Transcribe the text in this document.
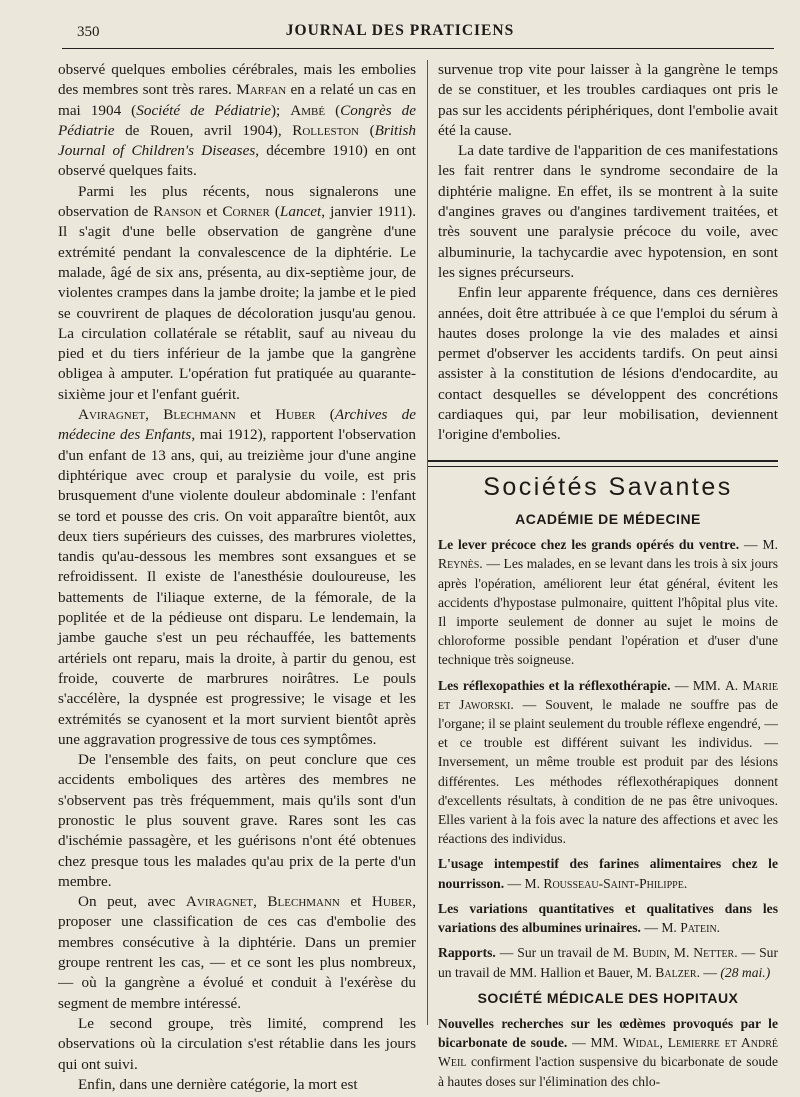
350	JOURNAL DES PRATICIENS

observé quelques embolies cérébrales, mais les embolies des membres sont très rares. Marfan en a relaté un cas en mai 1904 (Société de Pédiatrie); Ambé (Congrès de Pédiatrie de Rouen, avril 1904), Rolleston (British Journal of Children's Diseases, décembre 1910) en ont observé quelques faits.

Parmi les plus récents, nous signalerons une observation de Ranson et Corner (Lancet, janvier 1911). Il s'agit d'une belle observation de gangrène d'une extrémité pendant la convalescence de la diphtérie. Le malade, âgé de six ans, présenta, au dix-septième jour, de violentes crampes dans la jambe droite; la jambe et le pied se couvrirent de plaques de décoloration jusqu'au genou. La circulation collatérale se rétablit, sauf au niveau du pied et du tiers inférieur de la jambe que la gangrène obligea à amputer. L'opération fut pratiquée au quarante-sixième jour et l'enfant guérit.

Aviragnet, Blechmann et Huber (Archives de médecine des Enfants, mai 1912), rapportent l'observation d'un enfant de 13 ans, qui, au treizième jour d'une angine diphtérique avec croup et paralysie du voile, est pris brusquement d'une violente douleur abdominale : l'enfant se tord et pousse des cris. On voit apparaître bientôt, aux deux tiers supérieurs des cuisses, des marbrures violettes, tandis qu'au-dessous les membres sont exsangues et se refroidissent. Il existe de l'anesthésie douloureuse, les battements de l'iliaque externe, de la fémorale, de la poplitée et de la pédieuse ont disparu. Le lendemain, la jambe gauche s'est un peu réchauffée, les battements artériels ont reparu, mais la droite, à partir du genou, est froide, couverte de marbrures noirâtres. Le pouls s'accélère, la dyspnée est progressive; le visage et les extrémités se cyanosent et la mort survient bientôt après une aggravation progressive de tous ces symptômes.

De l'ensemble des faits, on peut conclure que ces accidents emboliques des artères des membres ne s'observent pas très fréquemment, mais qu'ils sont d'un pronostic le plus souvent grave. Rares sont les cas d'ischémie passagère, et les guérisons n'ont été obtenues chez presque tous les malades qu'au prix de la perte d'un membre.

On peut, avec Aviragnet, Blechmann et Huber, proposer une classification de ces cas d'embolie des membres consécutive à la diphtérie. Dans un premier groupe rentrent les cas, — et ce sont les plus nombreux, — où la gangrène a évolué et conduit à l'exérèse du segment de membre intéressé.

Le second groupe, très limité, comprend les observations où la circulation s'est rétablie dans les jours qui ont suivi.

Enfin, dans une dernière catégorie, la mort est

survenue trop vite pour laisser à la gangrène le temps de se constituer, et les troubles cardiaques ont pris le pas sur les accidents périphériques, dont l'embolie avait été la cause.

La date tardive de l'apparition de ces manifestations les fait rentrer dans le syndrome secondaire de la diphtérie maligne. En effet, ils se montrent à la suite d'angines graves ou d'angines tardivement traitées, et très souvent une paralysie précoce du voile, avec albuminurie, la tachycardie avec hypotension, en sont les signes précurseurs.

Enfin leur apparente fréquence, dans ces dernières années, doit être attribuée à ce que l'emploi du sérum à hautes doses prolonge la vie des malades et ainsi permet d'observer les accidents tardifs. On peut ainsi assister à la constitution de lésions d'endocardite, au contact desquelles se développent des concrétions cardiaques qui, par leur mobilisation, deviennent l'origine d'embolies.

Sociétés Savantes
ACADÉMIE DE MÉDECINE

Le lever précoce chez les grands opérés du ventre. — M. Reynès. — Les malades, en se levant dans les trois à six jours après l'opération, améliorent leur état général, évitent les accidents d'hypostase pulmonaire, quittent l'hôpital plus vite. Il importe seulement de donner au sujet le moins de chloroforme possible pendant l'opération et d'user d'une technique très soigneuse.

Les réflexopathies et la réflexothérapie. — MM. A. Marie et Jaworski. — Souvent, le malade ne souffre pas de l'organe; il se plaint seulement du trouble réflexe engendré, — et ce trouble est différent suivant les individus. — Inversement, un même trouble est produit par des lésions différentes. Les méthodes réflexothérapiques donnent d'excellents résultats, à condition de ne pas être univoques. Elles varient à la fois avec la nature des affections et avec les réactions des individus.

L'usage intempestif des farines alimentaires chez le nourrisson. — M. Rousseau-Saint-Philippe.

Les variations quantitatives et qualitatives dans les variations des albumines urinaires. — M. Patein.

Rapports. — Sur un travail de M. Budin, M. Netter. — Sur un travail de MM. Hallion et Bauer, M. Balzer. — (28 mai.)

SOCIÉTÉ MÉDICALE DES HOPITAUX

Nouvelles recherches sur les œdèmes provoqués par le bicarbonate de soude. — MM. Widal, Lemierre et André Weil confirment l'action suspensive du bicarbonate de soude à hautes doses sur l'élimination des chlo-
